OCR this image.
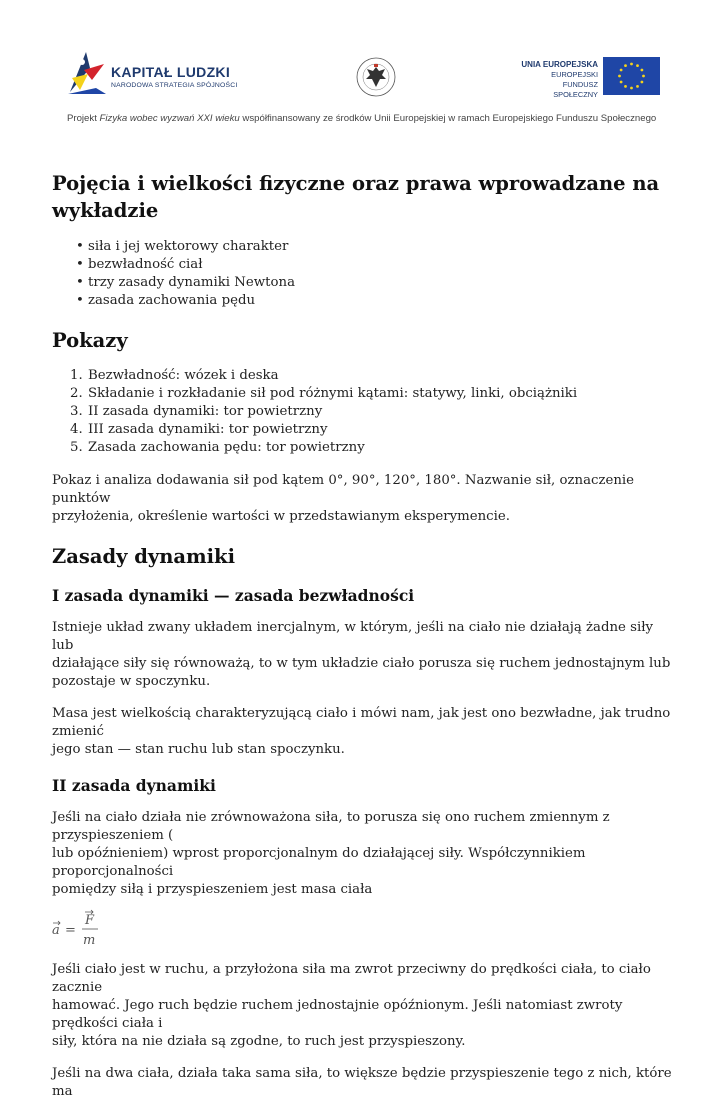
KAPITAŁ LUDZKI
NARODOWA STRATEGIA SPÓJNOŚCI
UNIA EUROPEJSKA
EUROPEJSKI
FUNDUSZ SPOŁECZNY
Projekt Fizyka wobec wyzwań XXI wieku współfinansowany ze środków Unii Europejskiej w ramach Europejskiego Funduszu Społecznego
Pojęcia i wielkości fizyczne oraz prawa wprowadzane na
wykładzie
• siła i jej wektorowy charakter
• bezwładność ciał
• trzy zasady dynamiki Newtona
• zasada zachowania pędu
Pokazy
1. Bezwładność: wózek i deska
2. Składanie i rozkładanie sił pod różnymi kątami: statywy, linki, obciążniki
3. II zasada dynamiki: tor powietrzny
4. III zasada dynamiki: tor powietrzny
5. Zasada zachowania pędu: tor powietrzny

Pokaz i analiza dodawania sił pod kątem 0°, 90°, 120°, 180°. Nazwanie sił, oznaczenie punktów
przyłożenia, określenie wartości w przedstawianym eksperymencie.

Zasady dynamiki
I zasada dynamiki — zasada bezwładności

Istnieje układ zwany układem inercjalnym, w którym, jeśli na ciało nie działają żadne siły lub
działające siły się równoważą, to w tym układzie ciało porusza się ruchem jednostajnym lub
pozostaje w spoczynku.

Masa jest wielkością charakteryzującą ciało i mówi nam, jak jest ono bezwładne, jak trudno zmienić
jego stan — stan ruchu lub stan spoczynku.

II zasada dynamiki

Jeśli na ciało działa nie zrównoważona siła, to porusza się ono ruchem zmiennym z przyspieszeniem (
lub opóźnieniem) wprost proporcjonalnym do działającej siły. Współczynnikiem proporcjonalności
pomiędzy siłą i przyspieszeniem jest masa ciała

a =
F
m

Jeśli ciało jest w ruchu, a przyłożona siła ma zwrot przeciwny do prędkości ciała, to ciało zacznie
hamować. Jego ruch będzie ruchem jednostajnie opóźnionym. Jeśli natomiast zwroty prędkości ciała i
siły, która na nie działa są zgodne, to ruch jest przyspieszony.

Jeśli na dwa ciała, działa taka sama siła, to większe będzie przyspieszenie tego z nich, które ma
